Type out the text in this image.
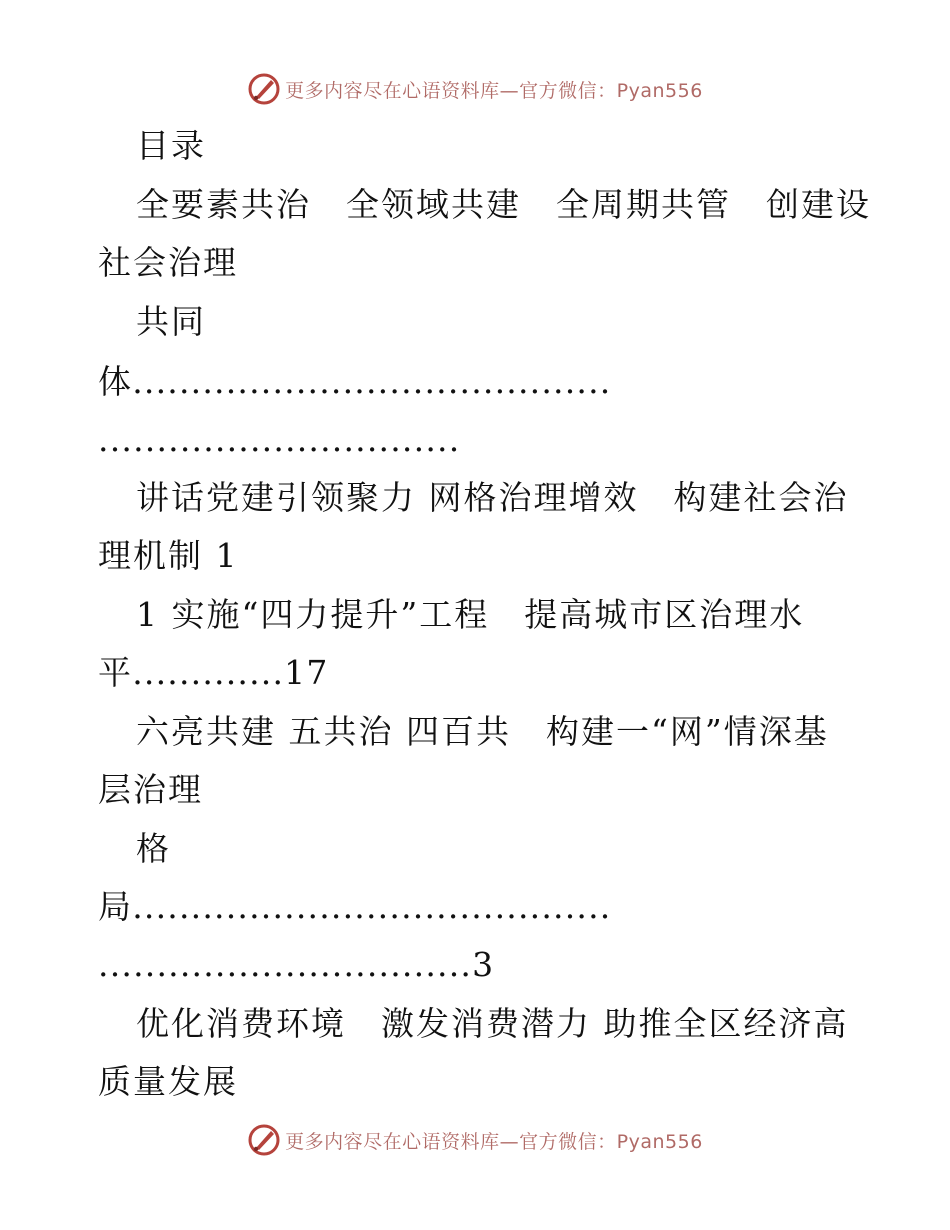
更多内容尽在心语资料库—官方微信：Pyan556
目录
全要素共治　全领域共建　全周期共管　创建设
社会治理
共同
体.........................................
...............................
讲话党建引领聚力 网格治理增效　构建社会治
理机制 1
1 实施“四力提升”工程　提高城市区治理水
平.............17
六亮共建 五共治 四百共　构建一“网”情深基
层治理
格
局.........................................
................................3
优化消费环境　激发消费潜力 助推全区经济高
质量发展
更多内容尽在心语资料库—官方微信：Pyan556
